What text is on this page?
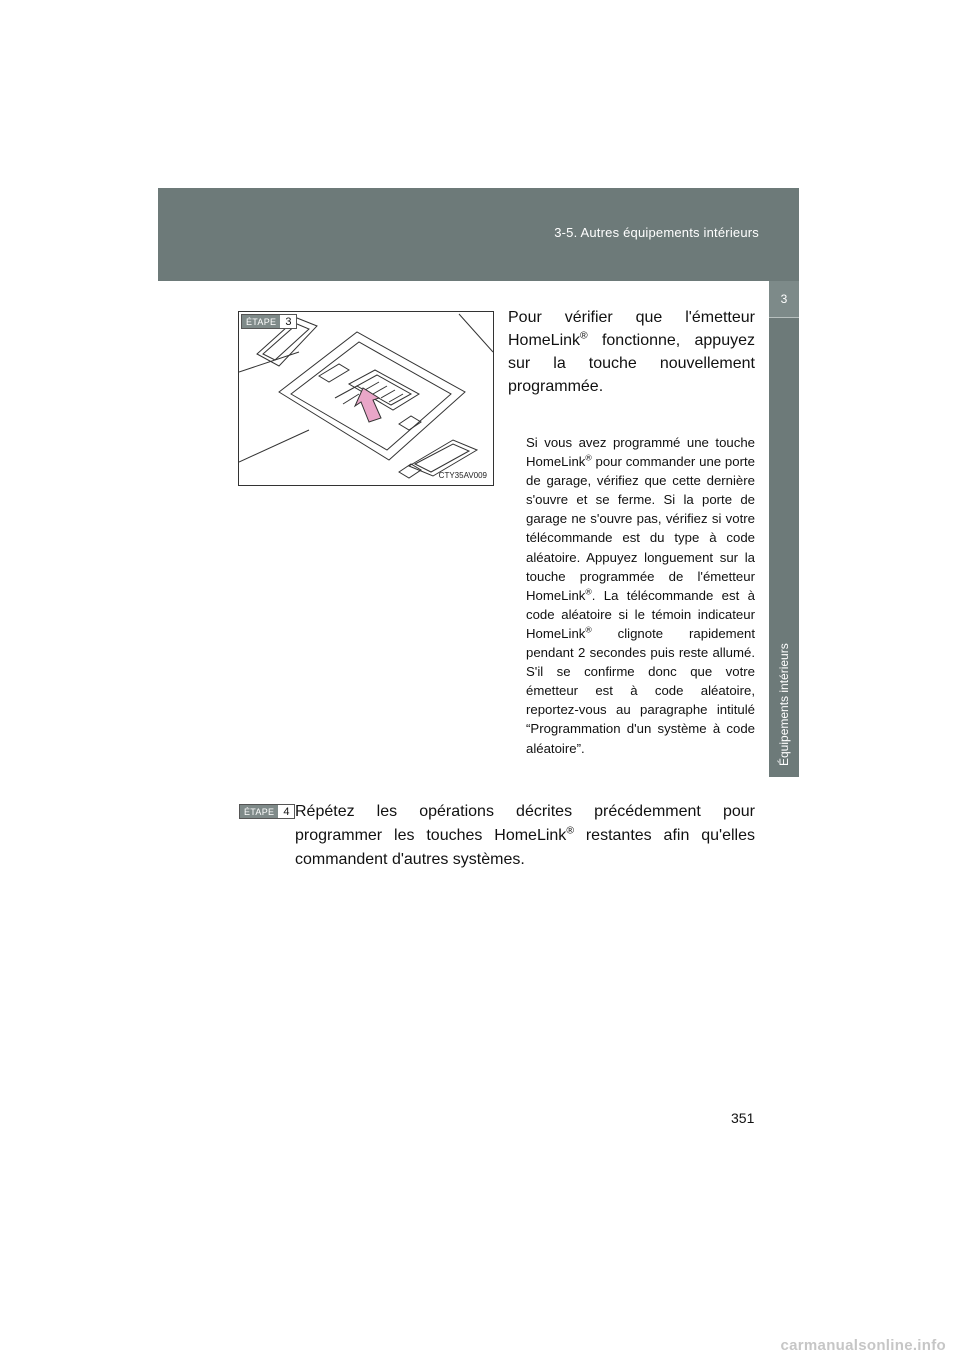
3-5. Autres équipements intérieurs
3
Équipements intérieurs
ÉTAPE 3
CTY35AV009
Pour vérifier que l'émetteur HomeLink® fonctionne, appuyez sur la touche nouvellement programmée.
Si vous avez programmé une touche HomeLink® pour commander une porte de garage, vérifiez que cette dernière s'ouvre et se ferme. Si la porte de garage ne s'ouvre pas, vérifiez si votre télécommande est du type à code aléatoire. Appuyez longuement sur la touche programmée de l'émetteur HomeLink®. La télécommande est à code aléatoire si le témoin indicateur HomeLink® clignote rapidement pendant 2 secondes puis reste allumé. S'il se confirme donc que votre émetteur est à code aléatoire, reportez-vous au paragraphe intitulé “Programmation d'un système à code aléatoire”.
ÉTAPE 4 Répétez les opérations décrites précédemment pour programmer les touches HomeLink® restantes afin qu'elles commandent d'autres systèmes.
351
carmanualsonline.info
